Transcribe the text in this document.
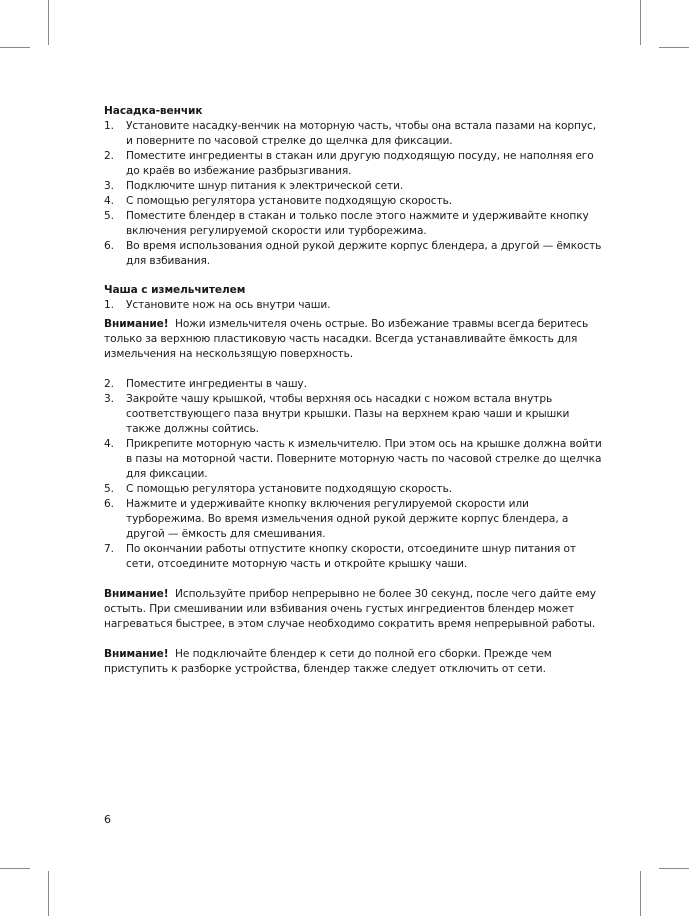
Насадка-венчик
1. Установите насадку-венчик на моторную часть, чтобы она встала пазами на корпус, и поверните по часовой стрелке до щелчка для фиксации.
2. Поместите ингредиенты в стакан или другую подходящую посуду, не наполняя его до краёв во избежание разбрызгивания.
3. Подключите шнур питания к электрической сети.
4. С помощью регулятора установите подходящую скорость.
5. Поместите блендер в стакан и только после этого нажмите и удерживайте кнопку включения регулируемой скорости или турборежима.
6. Во время использования одной рукой держите корпус блендера, а другой — ёмкость для взбивания.
Чаша с измельчителем
1. Установите нож на ось внутри чаши.

Внимание! Ножи измельчителя очень острые. Во избежание травмы всегда беритесь только за верхнюю пластиковую часть насадки. Всегда устанавливайте ёмкость для измельчения на нескользящую поверхность.

2. Поместите ингредиенты в чашу.
3. Закройте чашу крышкой, чтобы верхняя ось насадки с ножом встала внутрь соответствующего паза внутри крышки. Пазы на верхнем краю чаши и крышки также должны сойтись.
4. Прикрепите моторную часть к измельчителю. При этом ось на крышке должна войти в пазы на моторной части. Поверните моторную часть по часовой стрелке до щелчка для фиксации.
5. С помощью регулятора установите подходящую скорость.
6. Нажмите и удерживайте кнопку включения регулируемой скорости или турборежима. Во время измельчения одной рукой держите корпус блендера, а другой — ёмкость для смешивания.
7. По окончании работы отпустите кнопку скорости, отсоедините шнур питания от сети, отсоедините моторную часть и откройте крышку чаши.

Внимание! Используйте прибор непрерывно не более 30 секунд, после чего дайте ему остыть. При смешивании или взбивания очень густых ингредиентов блендер может нагреваться быстрее, в этом случае необходимо сократить время непрерывной работы.

Внимание! Не подключайте блендер к сети до полной его сборки. Прежде чем приступить к разборке устройства, блендер также следует отключить от сети.

6
